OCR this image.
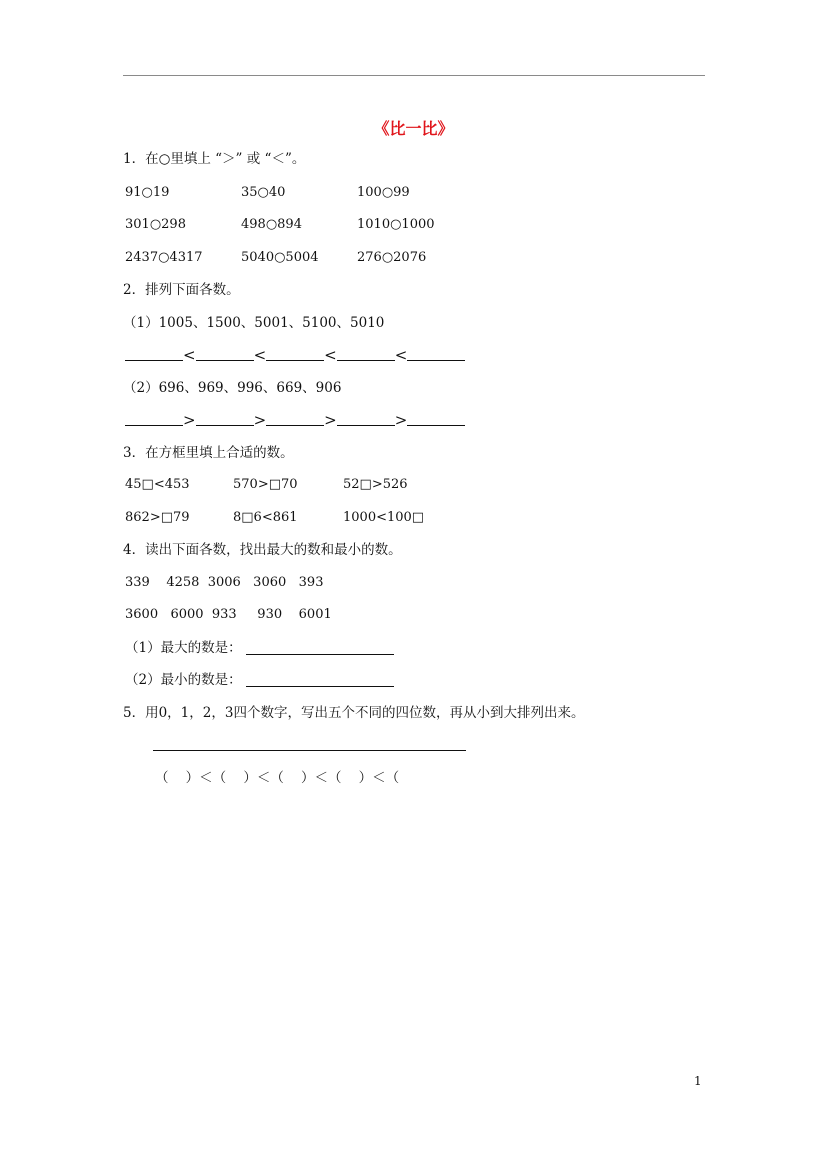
《比一比》
1．在○里填上 “＞” 或 “＜”。
91○19	35○40	100○99
301○298	498○894	1010○1000
2437○4317	5040○5004	276○2076
2．排列下面各数。
（1）1005、1500、5001、5100、5010
<	<	<	<
（2）696、969、996、669、906
>	>	>	>
3．在方框里填上合适的数。
45□<453	570>□70	52□>526
862>□79	8□6<861	1000<100□
4．读出下面各数，找出最大的数和最小的数。
339    4258  3006   3060   393
3600   6000  933     930    6001
（1）最大的数是：
（2）最小的数是：
5．用0，1，2，3四个数字，写出五个不同的四位数，再从小到大排列出来。
（    ）＜（    ）＜（    ）＜（    ）＜（
1
